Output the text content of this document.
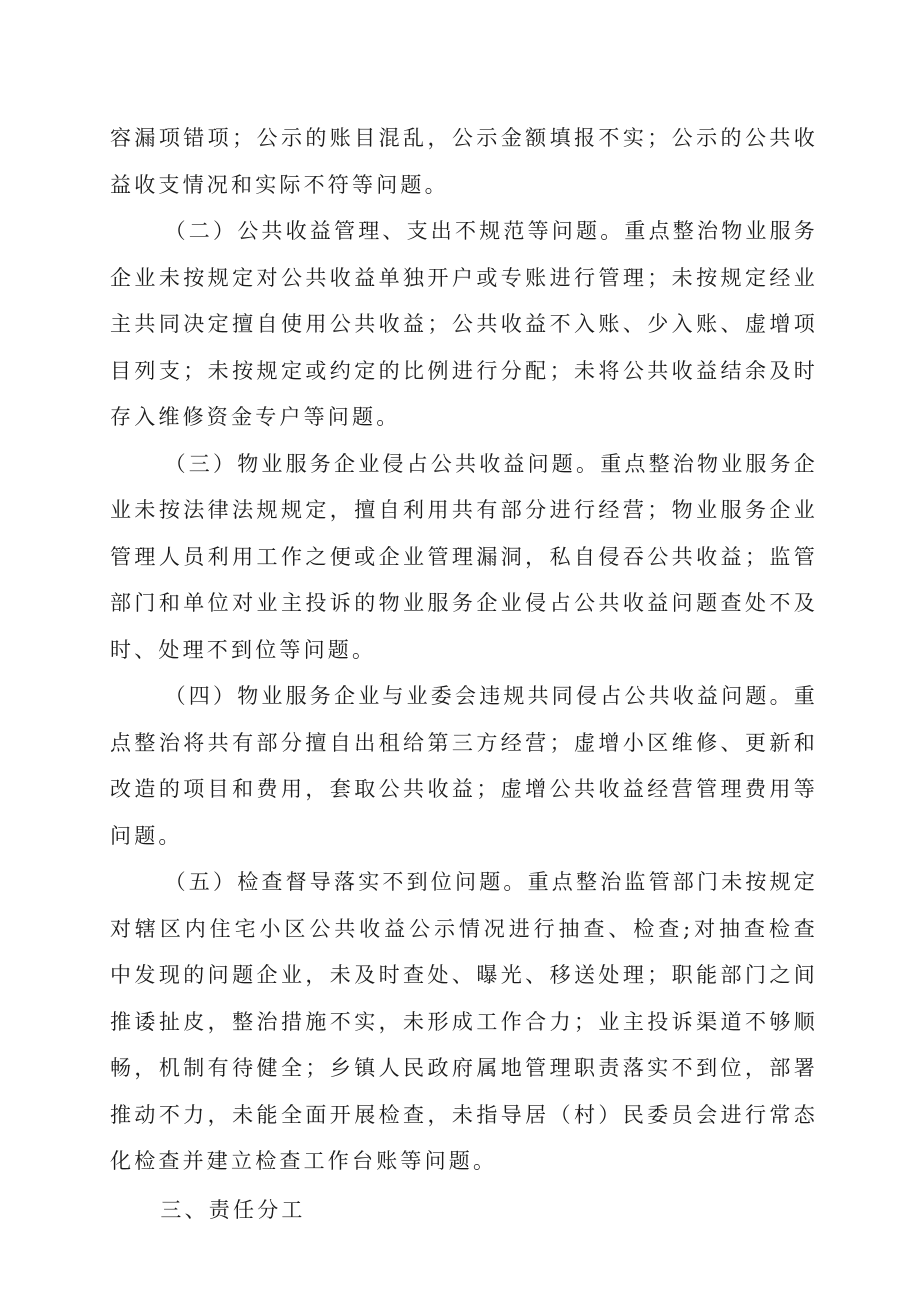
容漏项错项；公示的账目混乱，公示金额填报不实；公示的公共收益收支情况和实际不符等问题。

（二）公共收益管理、支出不规范等问题。重点整治物业服务企业未按规定对公共收益单独开户或专账进行管理；未按规定经业主共同决定擅自使用公共收益；公共收益不入账、少入账、虚增项目列支；未按规定或约定的比例进行分配；未将公共收益结余及时存入维修资金专户等问题。

（三）物业服务企业侵占公共收益问题。重点整治物业服务企业未按法律法规规定，擅自利用共有部分进行经营；物业服务企业管理人员利用工作之便或企业管理漏洞，私自侵吞公共收益；监管部门和单位对业主投诉的物业服务企业侵占公共收益问题查处不及时、处理不到位等问题。

（四）物业服务企业与业委会违规共同侵占公共收益问题。重点整治将共有部分擅自出租给第三方经营；虚增小区维修、更新和改造的项目和费用，套取公共收益；虚增公共收益经营管理费用等问题。

（五）检查督导落实不到位问题。重点整治监管部门未按规定对辖区内住宅小区公共收益公示情况进行抽查、检查;对抽查检查中发现的问题企业，未及时查处、曝光、移送处理；职能部门之间推诿扯皮，整治措施不实，未形成工作合力；业主投诉渠道不够顺畅，机制有待健全；乡镇人民政府属地管理职责落实不到位，部署推动不力，未能全面开展检查，未指导居（村）民委员会进行常态化检查并建立检查工作台账等问题。

三、责任分工
